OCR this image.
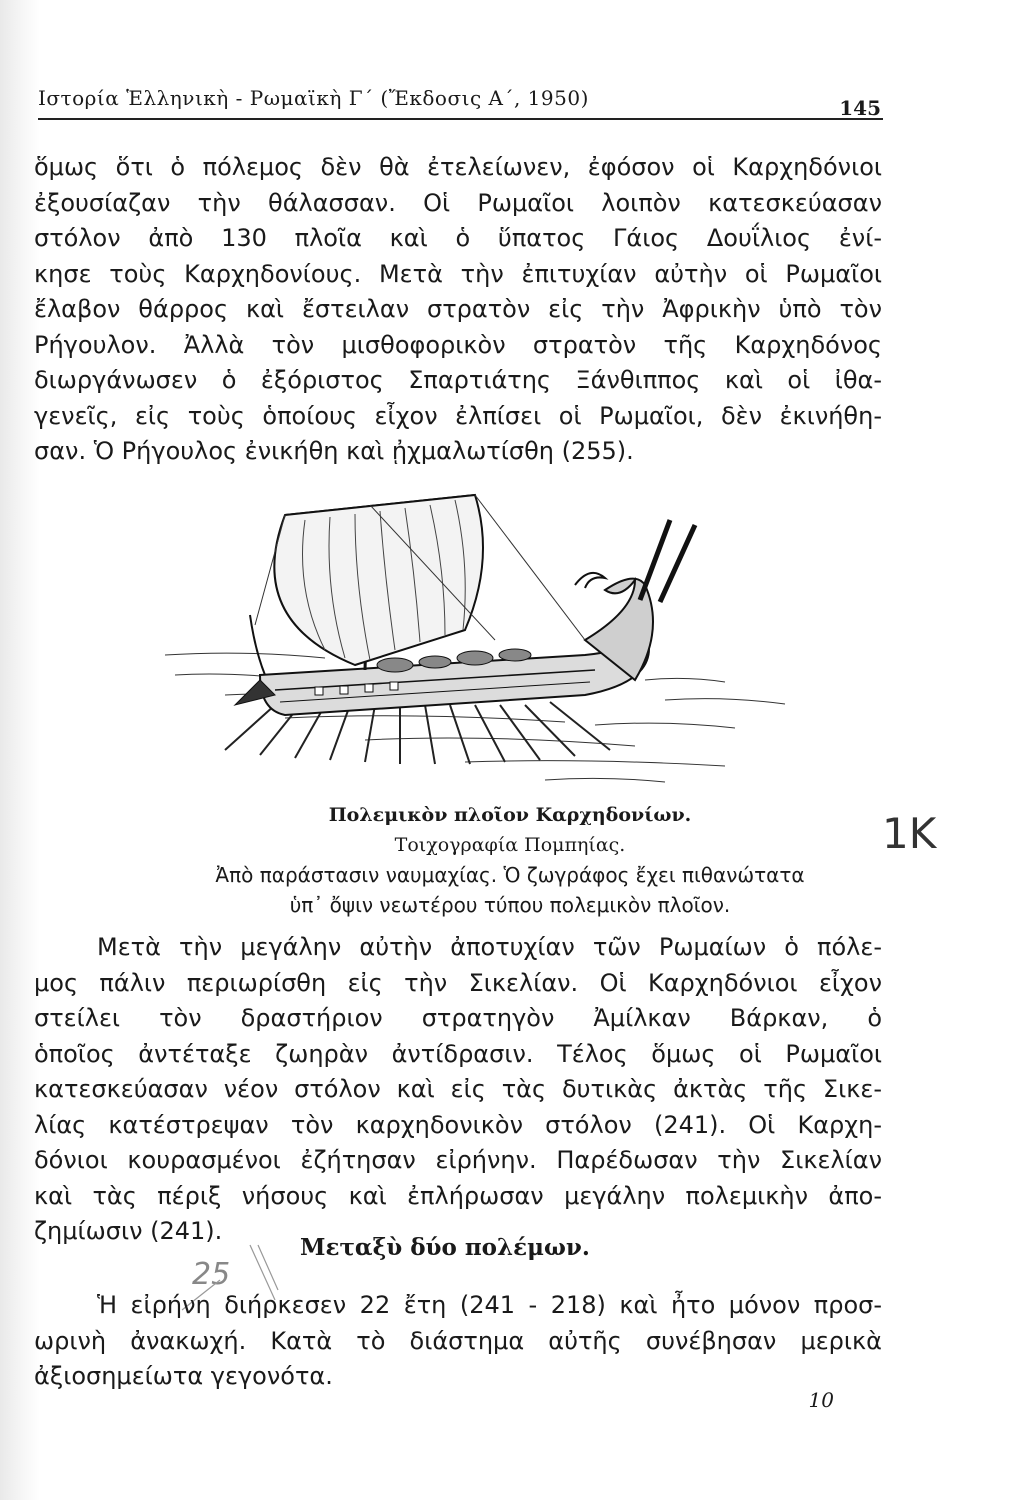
Ιστορία Ἑλληνικὴ - Ρωμαϊκὴ Γ΄ (Ἔκδοσις Α΄, 1950)	145
ὅμως ὅτι ὁ πόλεμος δὲν θὰ ἐτελείωνεν, ἐφόσον οἱ Καρχηδόνιοι
ἐξουσίαζαν τὴν θάλασσαν. Οἱ Ρωμαῖοι λοιπὸν κατεσκεύασαν
στόλον ἀπὸ 130 πλοῖα καὶ ὁ ὕπατος Γάιος Δουΐλιος ἐνί-
κησε τοὺς Καρχηδονίους. Μετὰ τὴν ἐπιτυχίαν αὐτὴν οἱ Ρωμαῖοι
ἔλαβον θάρρος καὶ ἔστειλαν στρατὸν εἰς τὴν Ἀφρικὴν ὑπὸ τὸν
Ρήγουλον. Ἀλλὰ τὸν μισθοφορικὸν στρατὸν τῆς Καρχηδόνος
διωργάνωσεν ὁ ἐξόριστος Σπαρτιάτης Ξάνθιππος καὶ οἱ ἰθα-
γενεῖς, εἰς τοὺς ὁποίους εἶχον ἐλπίσει οἱ Ρωμαῖοι, δὲν ἐκινήθη-
σαν. Ὁ Ρήγουλος ἐνικήθη καὶ ᾐχμαλωτίσθη (255).
Πολεμικὸν πλοῖον Καρχηδονίων.
Τοιχογραφία Πομπηίας.
Ἀπὸ παράστασιν ναυμαχίας. Ὁ ζωγράφος ἔχει πιθανώτατα
ὑπ᾽ ὄψιν νεωτέρου τύπου πολεμικὸν πλοῖον.
1K
Μετὰ τὴν μεγάλην αὐτὴν ἀποτυχίαν τῶν Ρωμαίων ὁ πόλε-
μος πάλιν περιωρίσθη εἰς τὴν Σικελίαν. Οἱ Καρχηδόνιοι εἶχον
στείλει τὸν δραστήριον στρατηγὸν Ἀμίλκαν Βάρκαν, ὁ
ὁποῖος ἀντέταξε ζωηρὰν ἀντίδρασιν. Τέλος ὅμως οἱ Ρωμαῖοι
κατεσκεύασαν νέον στόλον καὶ εἰς τὰς δυτικὰς ἀκτὰς τῆς Σικε-
λίας κατέστρεψαν τὸν καρχηδονικὸν στόλον (241). Οἱ Καρχη-
δόνιοι κουρασμένοι ἐζήτησαν εἰρήνην. Παρέδωσαν τὴν Σικελίαν
καὶ τὰς πέριξ νήσους καὶ ἐπλήρωσαν μεγάλην πολεμικὴν ἀπο-
ζημίωσιν (241).
25
Μεταξὺ δύο πολέμων.
Ἡ εἰρήνη διήρκεσεν 22 ἔτη (241 - 218) καὶ ἦτο μόνον προσ-
ωρινὴ ἀνακωχή. Κατὰ τὸ διάστημα αὐτῆς συνέβησαν μερικὰ
ἀξιοσημείωτα γεγονότα.
10
